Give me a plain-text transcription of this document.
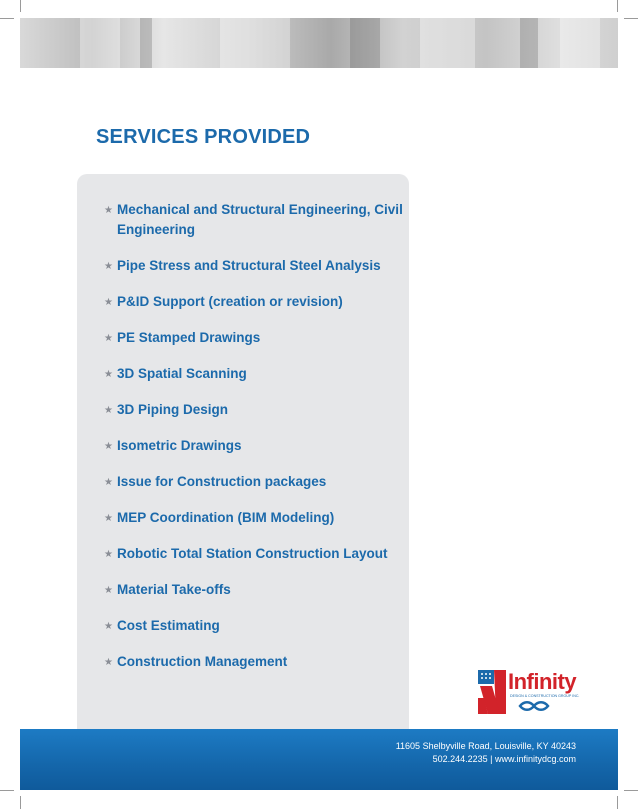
SERVICES PROVIDED
★ Mechanical and Structural Engineering, Civil Engineering
★ Pipe Stress and Structural Steel Analysis
★ P&ID Support (creation or revision)
★ PE Stamped Drawings
★ 3D Spatial Scanning
★ 3D Piping Design
★ Isometric Drawings
★ Issue for Construction packages
★ MEP Coordination (BIM Modeling)
★ Robotic Total Station Construction Layout
★ Material Take-offs
★ Cost Estimating
★ Construction Management
Infinity
DESIGN & CONSTRUCTION GROUP INC.
11605 Shelbyville Road, Louisville, KY 40243
502.244.2235 | www.infinitydcg.com
